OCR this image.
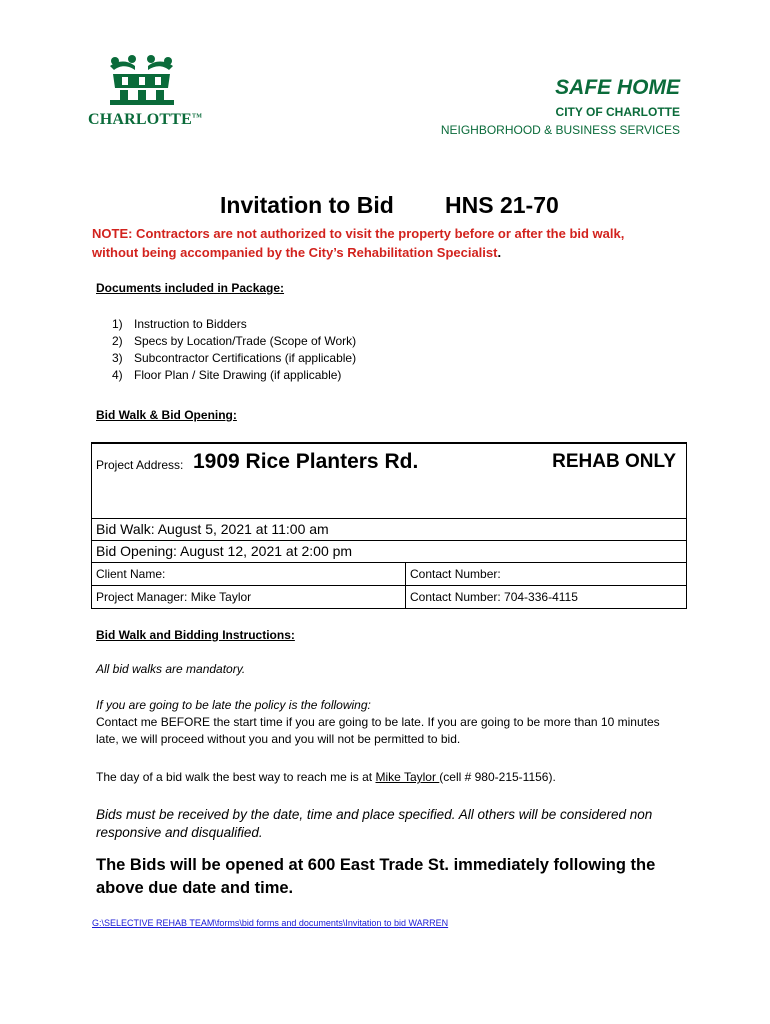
CHARLOTTE™
SAFE HOME
CITY OF CHARLOTTE
NEIGHBORHOOD & BUSINESS SERVICES
Invitation to Bid HNS 21-70
NOTE: Contractors are not authorized to visit the property before or after the bid walk, without being accompanied by the City’s Rehabilitation Specialist.
Documents included in Package:
1) Instruction to Bidders
2) Specs by Location/Trade (Scope of Work)
3) Subcontractor Certifications (if applicable)
4) Floor Plan / Site Drawing (if applicable)
Bid Walk & Bid Opening:
Project Address: 1909 Rice Planters Rd.	REHAB ONLY
Bid Walk: August 5, 2021 at 11:00 am
Bid Opening: August 12, 2021 at 2:00 pm
Client Name:	Contact Number:
Project Manager: Mike Taylor	Contact Number: 704-336-4115
Bid Walk and Bidding Instructions:
All bid walks are mandatory.
If you are going to be late the policy is the following:
Contact me BEFORE the start time if you are going to be late. If you are going to be more than 10 minutes late, we will proceed without you and you will not be permitted to bid.
The day of a bid walk the best way to reach me is at Mike Taylor (cell # 980-215-1156).
Bids must be received by the date, time and place specified. All others will be considered non responsive and disqualified.
The Bids will be opened at 600 East Trade St. immediately following the above due date and time.
G:\SELECTIVE REHAB TEAM\forms\bid forms and documents\Invitation to bid WARREN
